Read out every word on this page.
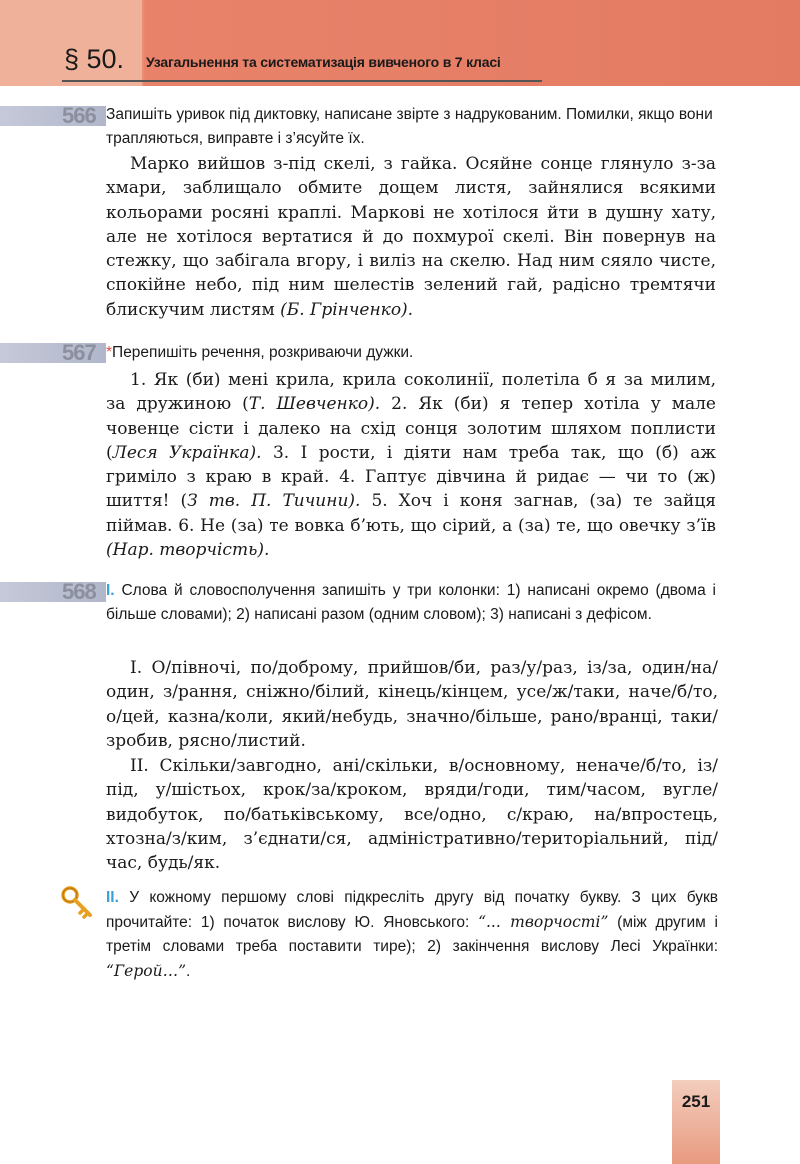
§ 50. Узагальнення та систематизація вивченого в 7 класі
566 Запишіть уривок під диктовку, написане звірте з надрукованим. Помилки, якщо вони трапляються, виправте і з’ясуйте їх.
Марко вийшов з-під скелі, з гайка. Осяйне сонце глянуло з-за хмари, заблищало обмите дощем листя, зайнялися всякими кольорами росяні краплі. Маркові не хотілося йти в душну хату, але не хотілося вертатися й до похмурої скелі. Він повернув на стежку, що забігала вгору, і виліз на скелю. Над ним сяяло чисте, спокійне небо, під ним шелестів зелений гай, радісно тремтячи блискучим листям (Б. Грінченко).
567 *Перепишіть речення, розкриваючи дужки.
1. Як (би) мені крила, крила соколинії, полетіла б я за милим, за дружиною (Т. Шевченко). 2. Як (би) я тепер хотіла у мале човенце сісти і далеко на схід сонця золотим шляхом поплисти (Леся Українка). 3. І рости, і діяти нам треба так, що (б) аж гриміло з краю в край. 4. Гаптує дівчина й ридає — чи то (ж) шиття! (З тв. П. Тичини). 5. Хоч і коня загнав, (за) те зайця піймав. 6. Не (за) те вовка б’ють, що сірий, а (за) те, що овечку з’їв (Нар. творчість).
568 I. Слова й словосполучення запишіть у три колонки: 1) написані окремо (двома і більше словами); 2) написані разом (одним словом); 3) написані з дефісом.
I. О/півночі, по/доброму, прийшов/би, раз/у/раз, із/за, один/на/один, з/рання, сніжно/білий, кінець/кінцем, усе/ж/таки, наче/б/то, о/цей, казна/коли, який/небудь, значно/більше, рано/вранці, таки/зробив, рясно/листий.
II. Скільки/завгодно, ані/скільки, в/основному, неначе/б/то, із/під, у/шістьох, крок/за/кроком, вряди/годи, тим/часом, вугле/видобуток, по/батьківському, все/одно, с/краю, на/впростець, хтозна/з/ким, з’єднати/ся, адміністративно/територіальний, під/час, будь/як.
II. У кожному першому слові підкресліть другу від початку букву. З цих букв прочитайте: 1) початок вислову Ю. Яновського: “... творчості” (між другим і третім словами треба поставити тире); 2) закінчення вислову Лесі Українки: “Герой…”.
251
